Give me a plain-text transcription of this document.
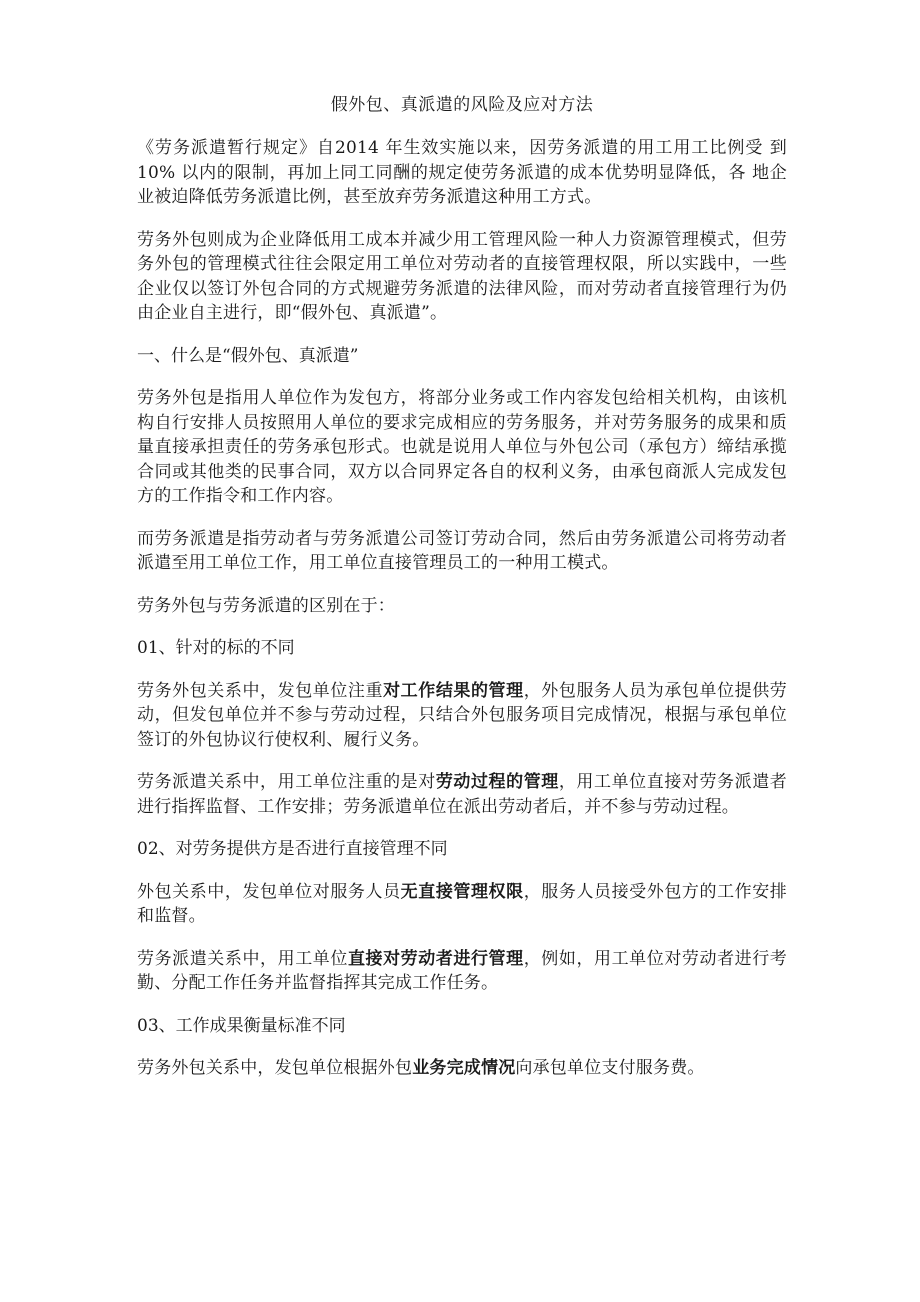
假外包、真派遣的风险及应对方法

《劳务派遣暂行规定》自2014 年生效实施以来，因劳务派遣的用工用工比例受 到10% 以内的限制，再加上同工同酬的规定使劳务派遣的成本优势明显降低，各 地企业被迫降低劳务派遣比例，甚至放弃劳务派遣这种用工方式。

劳务外包则成为企业降低用工成本并减少用工管理风险一种人力资源管理模式，但劳务外包的管理模式往往会限定用工单位对劳动者的直接管理权限，所以实践中，一些企业仅以签订外包合同的方式规避劳务派遣的法律风险，而对劳动者直接管理行为仍由企业自主进行，即“假外包、真派遣”。

一、什么是“假外包、真派遣”

劳务外包是指用人单位作为发包方，将部分业务或工作内容发包给相关机构，由该机构自行安排人员按照用人单位的要求完成相应的劳务服务，并对劳务服务的成果和质量直接承担责任的劳务承包形式。也就是说用人单位与外包公司（承包方）缔结承揽合同或其他类的民事合同，双方以合同界定各自的权利义务，由承包商派人完成发包方的工作指令和工作内容。

而劳务派遣是指劳动者与劳务派遣公司签订劳动合同，然后由劳务派遣公司将劳动者派遣至用工单位工作，用工单位直接管理员工的一种用工模式。

劳务外包与劳务派遣的区别在于：

01、针对的标的不同

劳务外包关系中，发包单位注重对工作结果的管理，外包服务人员为承包单位提供劳动，但发包单位并不参与劳动过程，只结合外包服务项目完成情况，根据与承包单位签订的外包协议行使权利、履行义务。

劳务派遣关系中，用工单位注重的是对劳动过程的管理，用工单位直接对劳务派遣者进行指挥监督、工作安排；劳务派遣单位在派出劳动者后，并不参与劳动过程。

02、对劳务提供方是否进行直接管理不同

外包关系中，发包单位对服务人员无直接管理权限，服务人员接受外包方的工作安排和监督。

劳务派遣关系中，用工单位直接对劳动者进行管理，例如，用工单位对劳动者进行考勤、分配工作任务并监督指挥其完成工作任务。

03、工作成果衡量标准不同

劳务外包关系中，发包单位根据外包业务完成情况向承包单位支付服务费。
